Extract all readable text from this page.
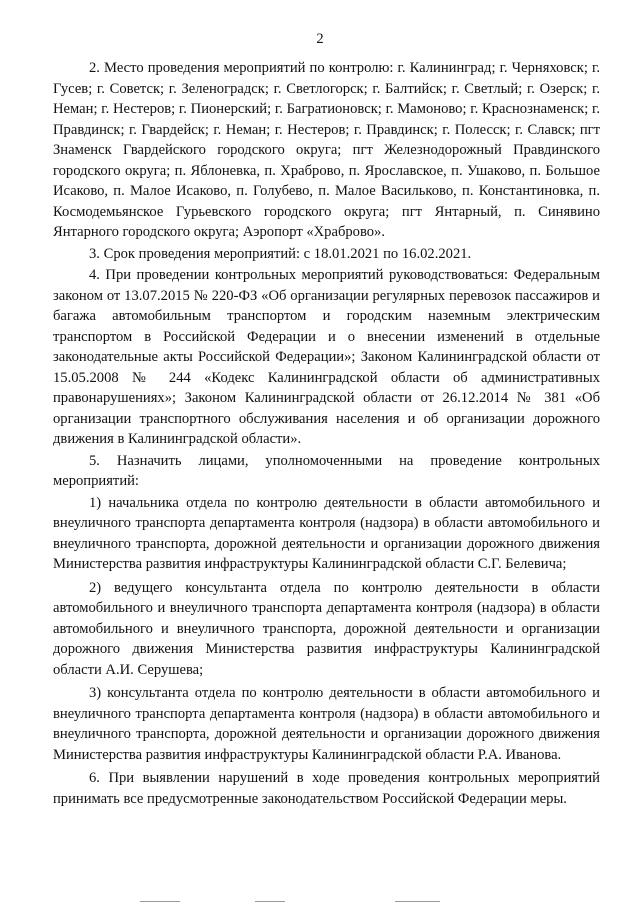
2

2. Место проведения мероприятий по контролю: г. Калининград; г. Черняховск; г. Гусев; г. Советск; г. Зеленоградск; г. Светлогорск; г. Балтийск; г. Светлый; г. Озерск; г. Неман; г. Нестеров; г. Пионерский; г. Багратионовск; г. Мамоново; г. Краснознаменск; г. Правдинск; г. Гвардейск; г. Неман; г. Нестеров; г. Правдинск; г. Полесск; г. Славск; пгт Знаменск Гвардейского городского округа; пгт Железнодорожный Правдинского городского округа; п. Яблоневка, п. Храброво, п. Ярославское, п. Ушаково, п. Большое Исаково, п. Малое Исаково, п. Голубево, п. Малое Васильково, п. Константиновка, п. Космодемьянское Гурьевского городского округа; пгт Янтарный, п. Синявино Янтарного городского округа; Аэропорт «Храброво».

3. Срок проведения мероприятий: с 18.01.2021 по 16.02.2021.

4. При проведении контрольных мероприятий руководствоваться: Федеральным законом от 13.07.2015 № 220-ФЗ «Об организации регулярных перевозок пассажиров и багажа автомобильным транспортом и городским наземным электрическим транспортом в Российской Федерации и о внесении изменений в отдельные законодательные акты Российской Федерации»; Законом Калининградской области от 15.05.2008 № 244 «Кодекс Калининградской области об административных правонарушениях»; Законом Калининградской области от 26.12.2014 № 381 «Об организации транспортного обслуживания населения и об организации дорожного движения в Калининградской области».

5. Назначить лицами, уполномоченными на проведение контрольных мероприятий:

1) начальника отдела по контролю деятельности в области автомобильного и внеуличного транспорта департамента контроля (надзора) в области автомобильного и внеуличного транспорта, дорожной деятельности и организации дорожного движения Министерства развития инфраструктуры Калининградской области С.Г. Белевича;

2) ведущего консультанта отдела по контролю деятельности в области автомобильного и внеуличного транспорта департамента контроля (надзора) в области автомобильного и внеуличного транспорта, дорожной деятельности и организации дорожного движения Министерства развития инфраструктуры Калининградской области А.И. Серушева;

3) консультанта отдела по контролю деятельности в области автомобильного и внеуличного транспорта департамента контроля (надзора) в области автомобильного и внеуличного транспорта, дорожной деятельности и организации дорожного движения Министерства развития инфраструктуры Калининградской области Р.А. Иванова.

6. При выявлении нарушений в ходе проведения контрольных мероприятий принимать все предусмотренные законодательством Российской Федерации меры.
